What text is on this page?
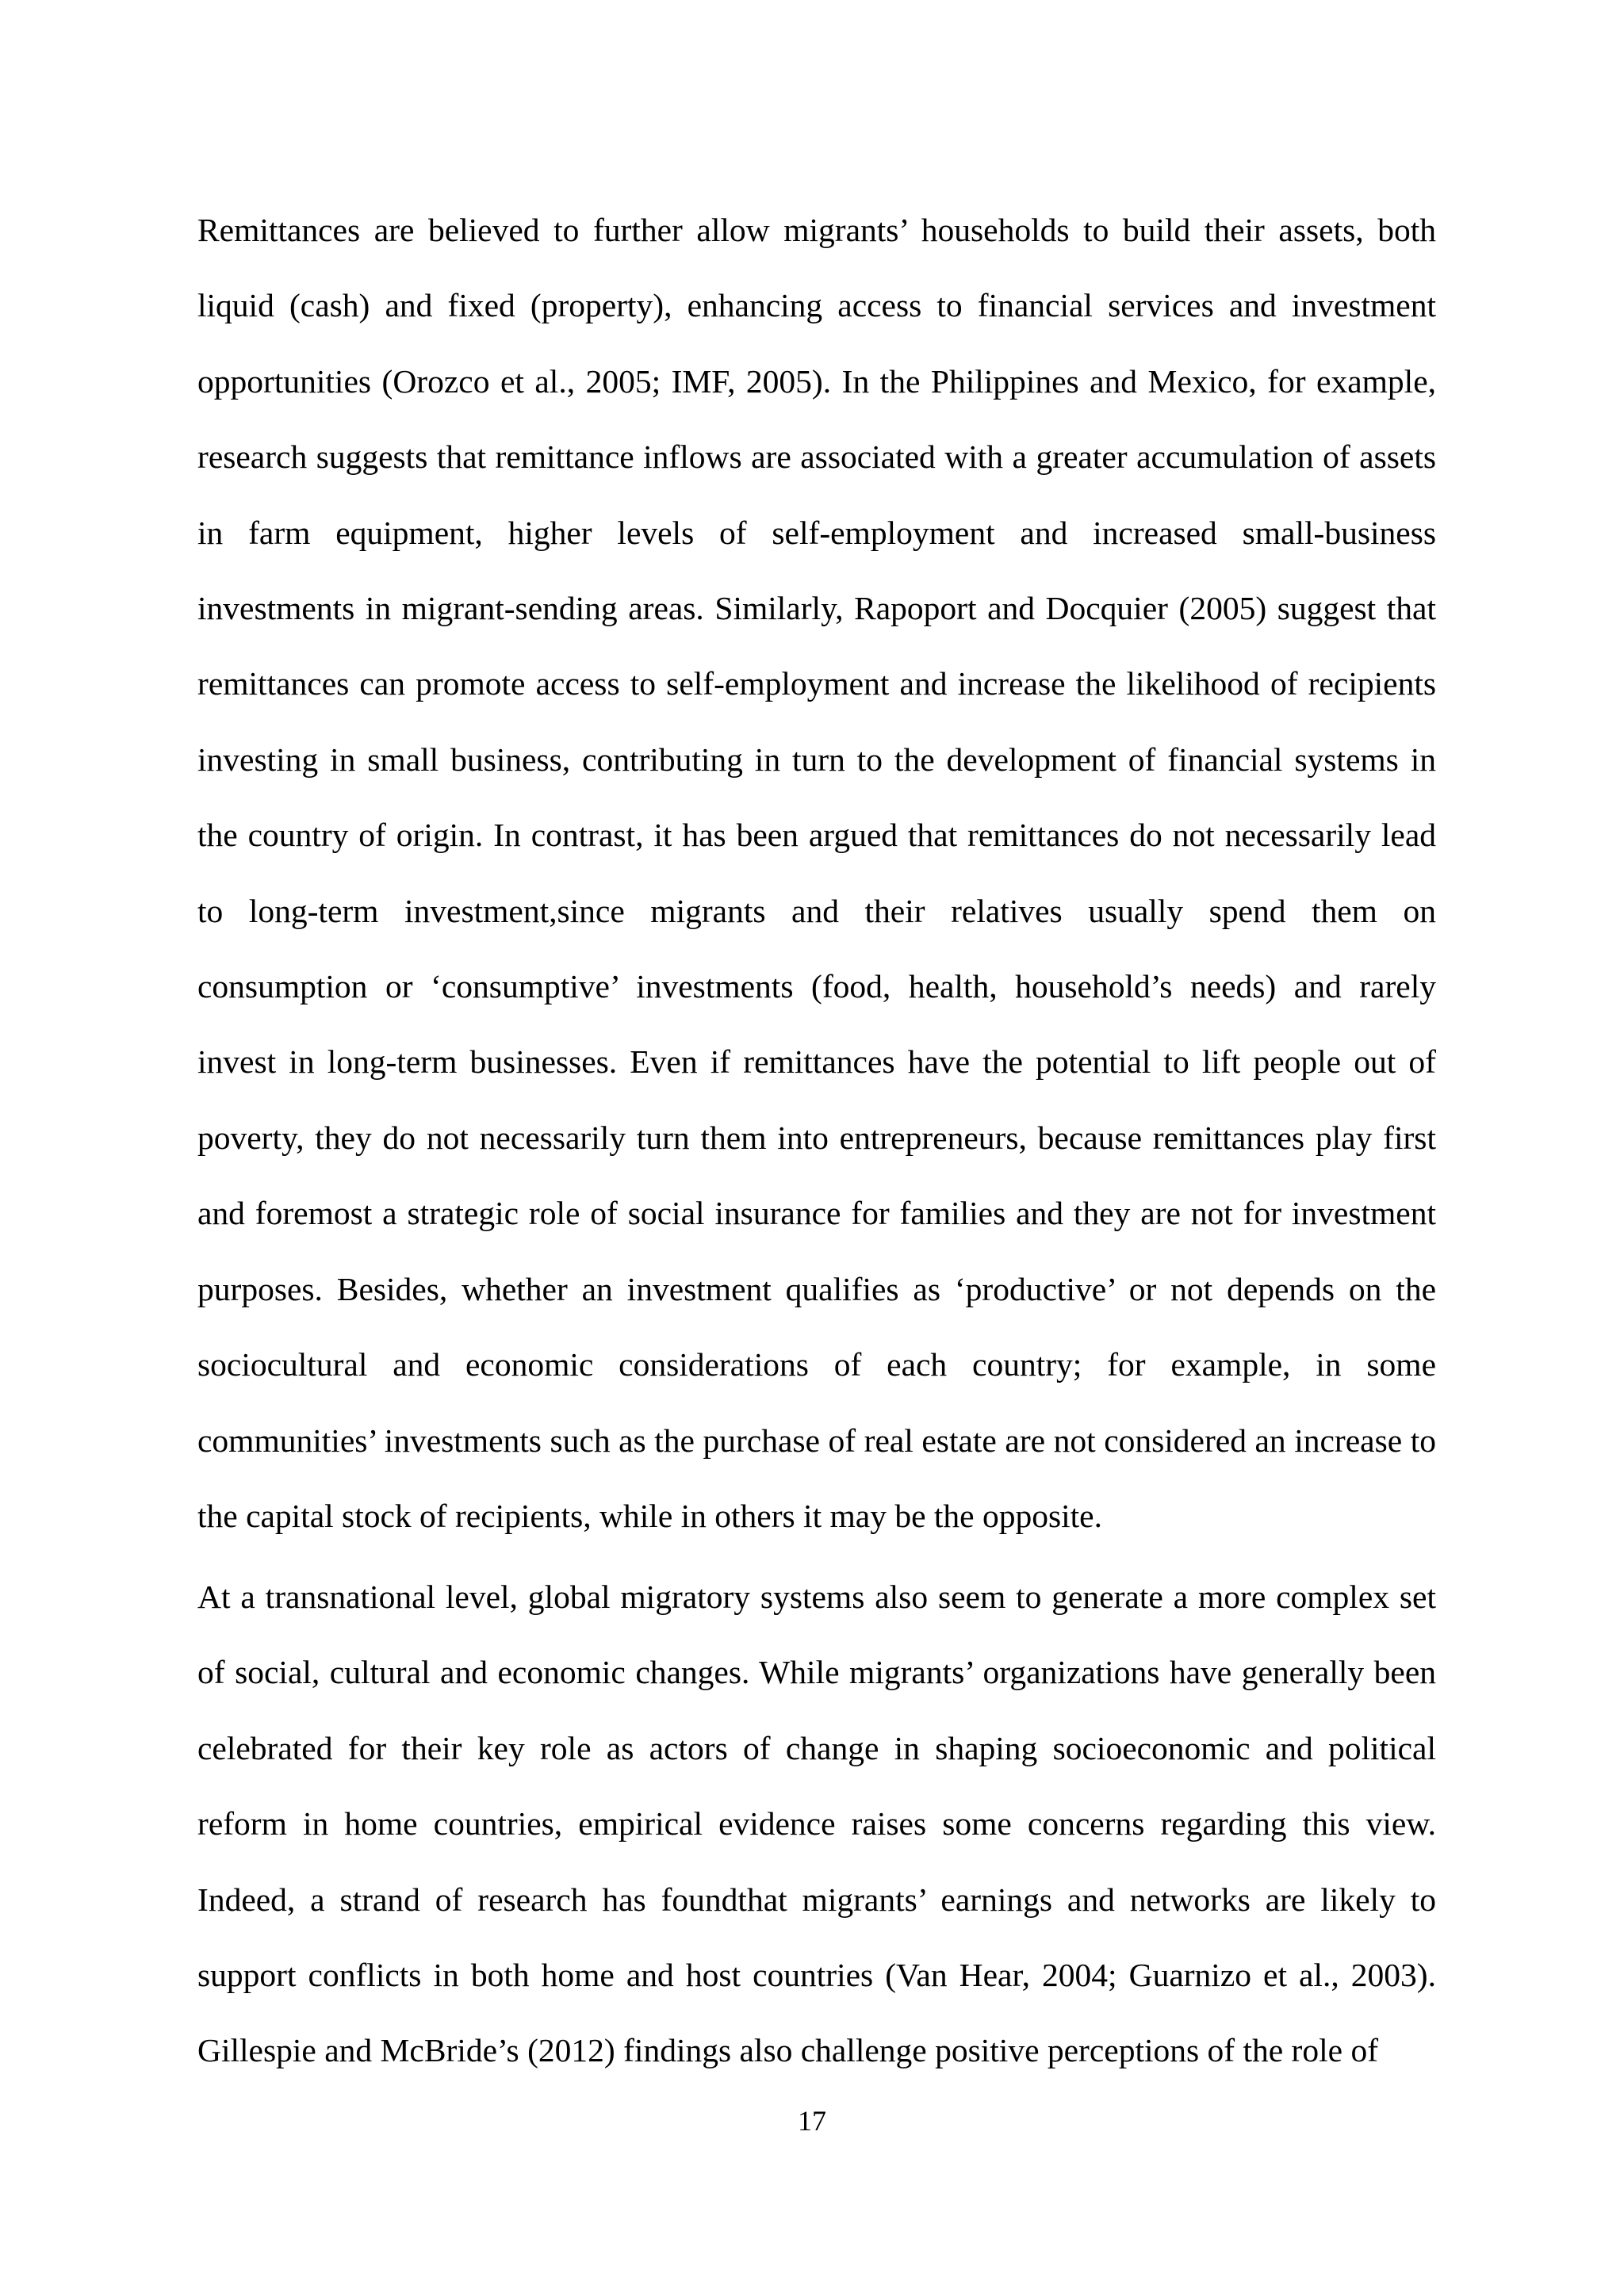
Remittances are believed to further allow migrants’ households to build their assets, both liquid (cash) and fixed (property), enhancing access to financial services and investment opportunities (Orozco et al., 2005; IMF, 2005). In the Philippines and Mexico, for example, research suggests that remittance inflows are associated with a greater accumulation of assets in farm equipment, higher levels of self-employment and increased small-business investments in migrant-sending areas. Similarly, Rapoport and Docquier (2005) suggest that remittances can promote access to self-employment and increase the likelihood of recipients investing in small business, contributing in turn to the development of financial systems in the country of origin. In contrast, it has been argued that remittances do not necessarily lead to long-term investment,since migrants and their relatives usually spend them on consumption or ‘consumptive’ investments (food, health, household’s needs) and rarely invest in long-term businesses. Even if remittances have the potential to lift people out of poverty, they do not necessarily turn them into entrepreneurs, because remittances play first and foremost a strategic role of social insurance for families and they are not for investment purposes. Besides, whether an investment qualifies as ‘productive’ or not depends on the sociocultural and economic considerations of each country; for example, in some communities’ investments such as the purchase of real estate are not considered an increase to the capital stock of recipients, while in others it may be the opposite.

At a transnational level, global migratory systems also seem to generate a more complex set of social, cultural and economic changes. While migrants’ organizations have generally been celebrated for their key role as actors of change in shaping socioeconomic and political reform in home countries, empirical evidence raises some concerns regarding this view. Indeed, a strand of research has foundthat migrants’ earnings and networks are likely to support conflicts in both home and host countries (Van Hear, 2004; Guarnizo et al., 2003). Gillespie and McBride’s (2012) findings also challenge positive perceptions of the role of

17
